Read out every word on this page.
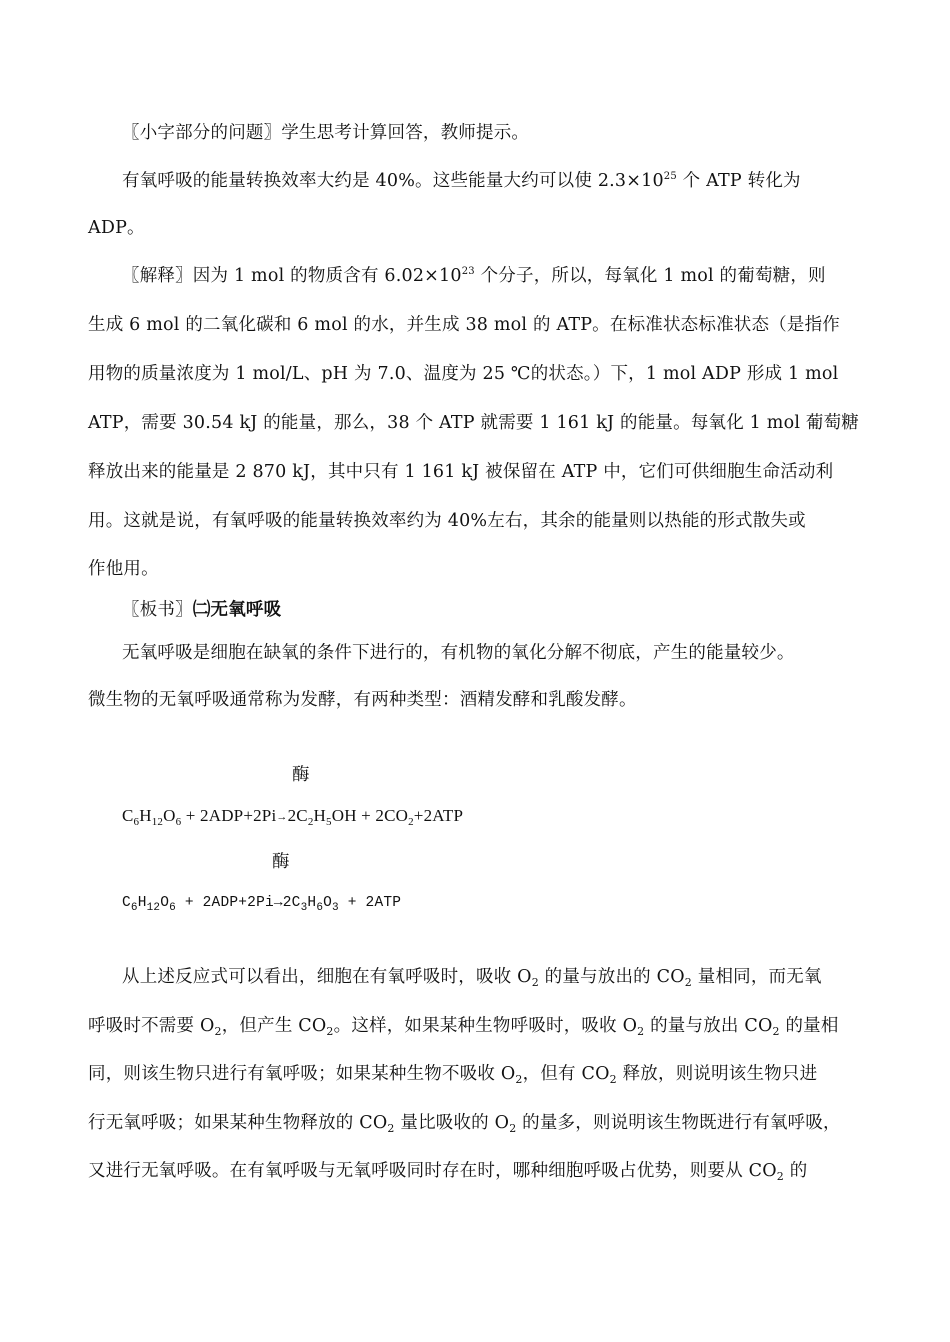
〖小字部分的问题〗学生思考计算回答，教师提示。
有氧呼吸的能量转换效率大约是 40%。这些能量大约可以使 $2.3\times 10^{25}$ 个 ATP 转化为
ADP。
〖解释〗因为 1 mol 的物质含有 $6.02\times 10^{23}$ 个分子，所以，每氧化 1 mol 的葡萄糖，则
生成 6 mol 的二氧化碳和 6 mol 的水，并生成 38 mol 的 ATP。在标准状态标准状态（是指作
用物的质量浓度为 1 mol/L、pH 为 7.0、温度为 25 ℃的状态。）下，1 mol ADP 形成 1 mol
ATP，需要 30.54 kJ 的能量，那么，38 个 ATP 就需要 1 161 kJ 的能量。每氧化 1 mol 葡萄糖
释放出来的能量是 2 870 kJ，其中只有 1 161 kJ 被保留在 ATP 中，它们可供细胞生命活动利
用。这就是说，有氧呼吸的能量转换效率约为 40%左右，其余的能量则以热能的形式散失或
作他用。
〖板书〗㈡无氧呼吸
无氧呼吸是细胞在缺氧的条件下进行的，有机物的氧化分解不彻底，产生的能量较少。
微生物的无氧呼吸通常称为发酵，有两种类型：酒精发酵和乳酸发酵。
酶
$C_6H_{12}O_6 + 2ADP+2Pi\to 2C_2H_5OH + 2CO_2+2ATP$
酶
$C_6H_{12}O_6 + 2ADP+2Pi\to 2C_3H_6O_3 + 2ATP$
从上述反应式可以看出，细胞在有氧呼吸时，吸收 $O_2$ 的量与放出的 $CO_2$ 量相同，而无氧
呼吸时不需要 $O_2$，但产生 $CO_2$。这样，如果某种生物呼吸时，吸收 $O_2$ 的量与放出 $CO_2$ 的量相
同，则该生物只进行有氧呼吸；如果某种生物不吸收 $O_2$，但有 $CO_2$ 释放，则说明该生物只进
行无氧呼吸；如果某种生物释放的 $CO_2$ 量比吸收的 $O_2$ 的量多，则说明该生物既进行有氧呼吸，
又进行无氧呼吸。在有氧呼吸与无氧呼吸同时存在时，哪种细胞呼吸占优势，则要从 $CO_2$ 的
